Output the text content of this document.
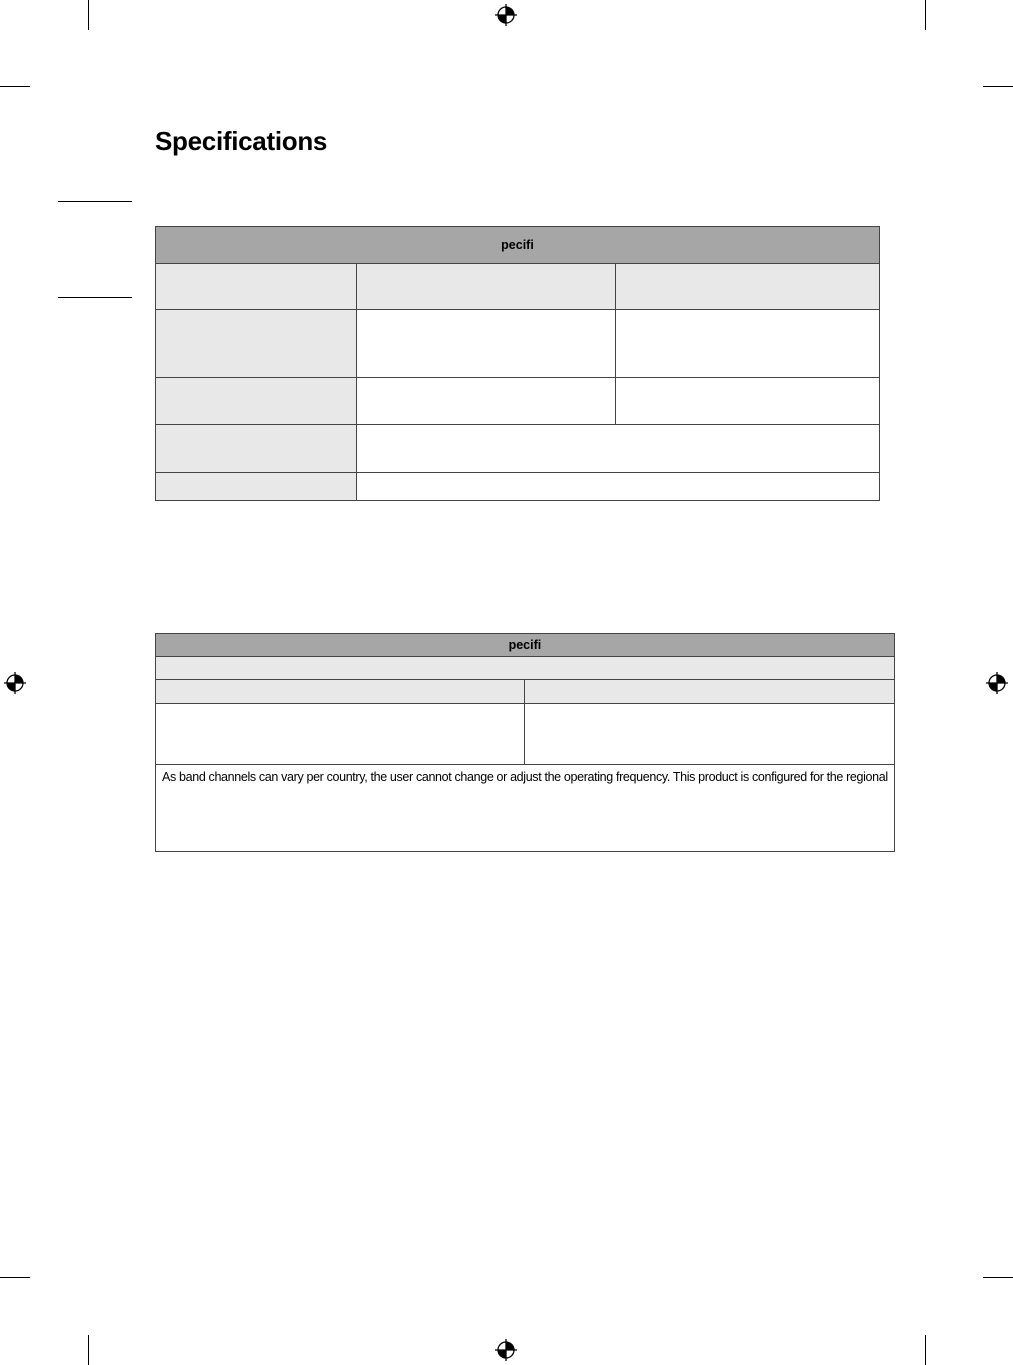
Specifications
pecifi		

pecifi	

As band channels can vary per country, the user cannot change or adjust the operating frequency. This product is configured for the regional	
